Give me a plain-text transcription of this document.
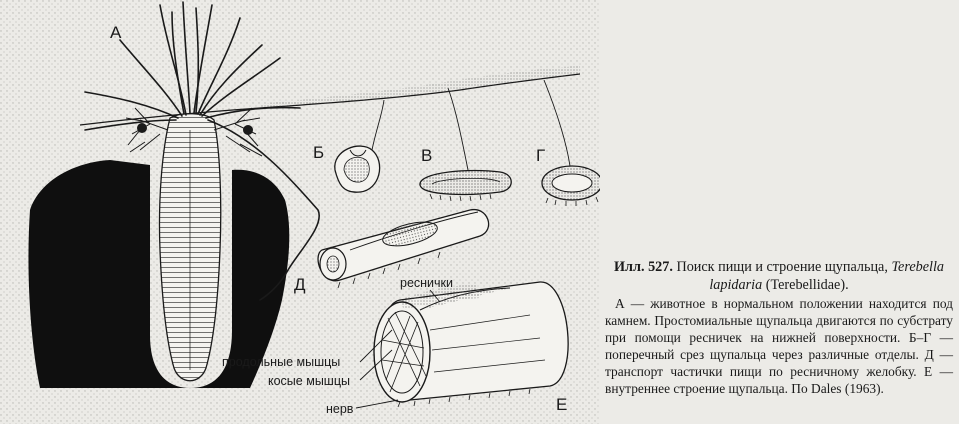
А
Б	В	Г
Д
Е
реснички
продольные мышцы
косые мышцы
нерв
Илл. 527. Поиск пищи и строение щупальца, Terebella lapidaria (Terebellidae).
А — животное в нормальном положении находится под камнем. Простомиальные щупальца двигаются по субстрату при помощи ресничек на нижней поверхности. Б–Г — поперечный срез щупальца через различные отделы. Д — транспорт частички пищи по ресничному желобку. Е — внутреннее строение щупальца. По Dales (1963).
